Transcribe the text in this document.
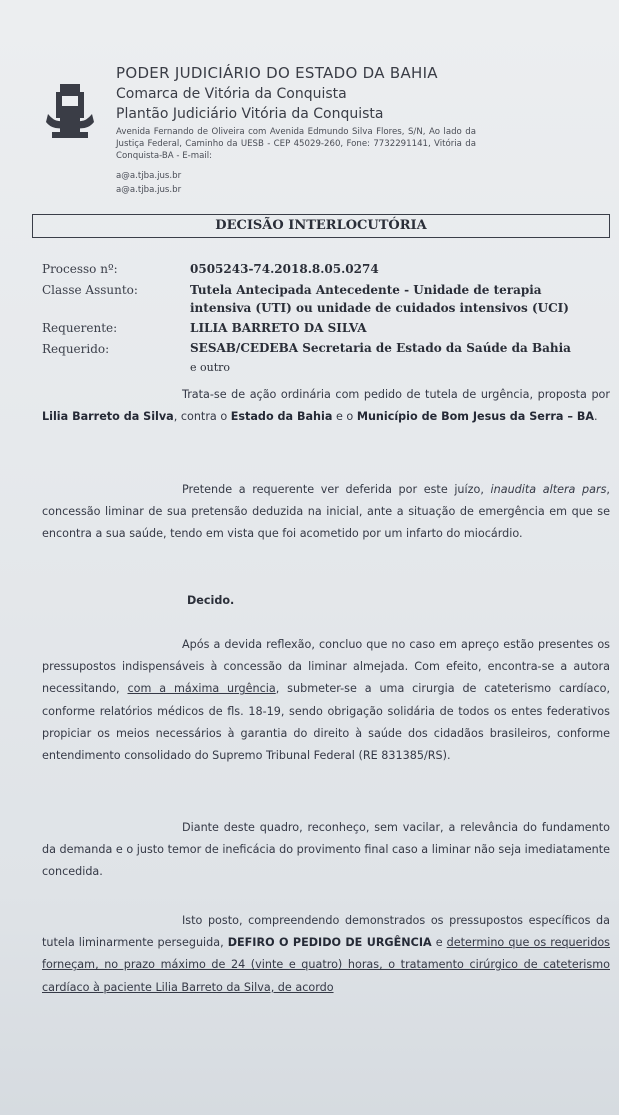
PODER JUDICIÁRIO DO ESTADO DA BAHIA
Comarca de Vitória da Conquista
Plantão Judiciário Vitória da Conquista
Avenida Fernando de Oliveira com Avenida Edmundo Silva Flores, S/N, Ao lado da Justiça Federal, Caminho da UESB - CEP 45029-260, Fone: 7732291141, Vitória da Conquista-BA - E-mail:
a@a.tjba.jus.br
a@a.tjba.jus.br
DECISÃO INTERLOCUTÓRIA
Processo nº:	0505243-74.2018.8.05.0274
Classe Assunto:	Tutela Antecipada Antecedente - Unidade de terapia
intensiva (UTI) ou unidade de cuidados intensivos (UCI)
Requerente:	LILIA BARRETO DA SILVA
Requerido:	SESAB/CEDEBA Secretaria de Estado da Saúde da Bahia
e outro
Trata-se de ação ordinária com pedido de tutela de urgência, proposta por Lilia Barreto da Silva, contra o Estado da Bahia e o Município de Bom Jesus da Serra – BA.
Pretende a requerente ver deferida por este juízo, inaudita altera pars, concessão liminar de sua pretensão deduzida na inicial, ante a situação de emergência em que se encontra a sua saúde, tendo em vista que foi acometido por um infarto do miocárdio.
Decido.
Após a devida reflexão, concluo que no caso em apreço estão presentes os pressupostos indispensáveis à concessão da liminar almejada. Com efeito, encontra-se a autora necessitando, com a máxima urgência, submeter-se a uma cirurgia de cateterismo cardíaco, conforme relatórios médicos de fls. 18-19, sendo obrigação solidária de todos os entes federativos propiciar os meios necessários à garantia do direito à saúde dos cidadãos brasileiros, conforme entendimento consolidado do Supremo Tribunal Federal (RE 831385/RS).
Diante deste quadro, reconheço, sem vacilar, a relevância do fundamento da demanda e o justo temor de ineficácia do provimento final caso a liminar não seja imediatamente concedida.
Isto posto, compreendendo demonstrados os pressupostos específicos da tutela liminarmente perseguida, DEFIRO O PEDIDO DE URGÊNCIA e determino que os requeridos forneçam, no prazo máximo de 24 (vinte e quatro) horas, o tratamento cirúrgico de cateterismo cardíaco à paciente Lilia Barreto da Silva, de acordo
